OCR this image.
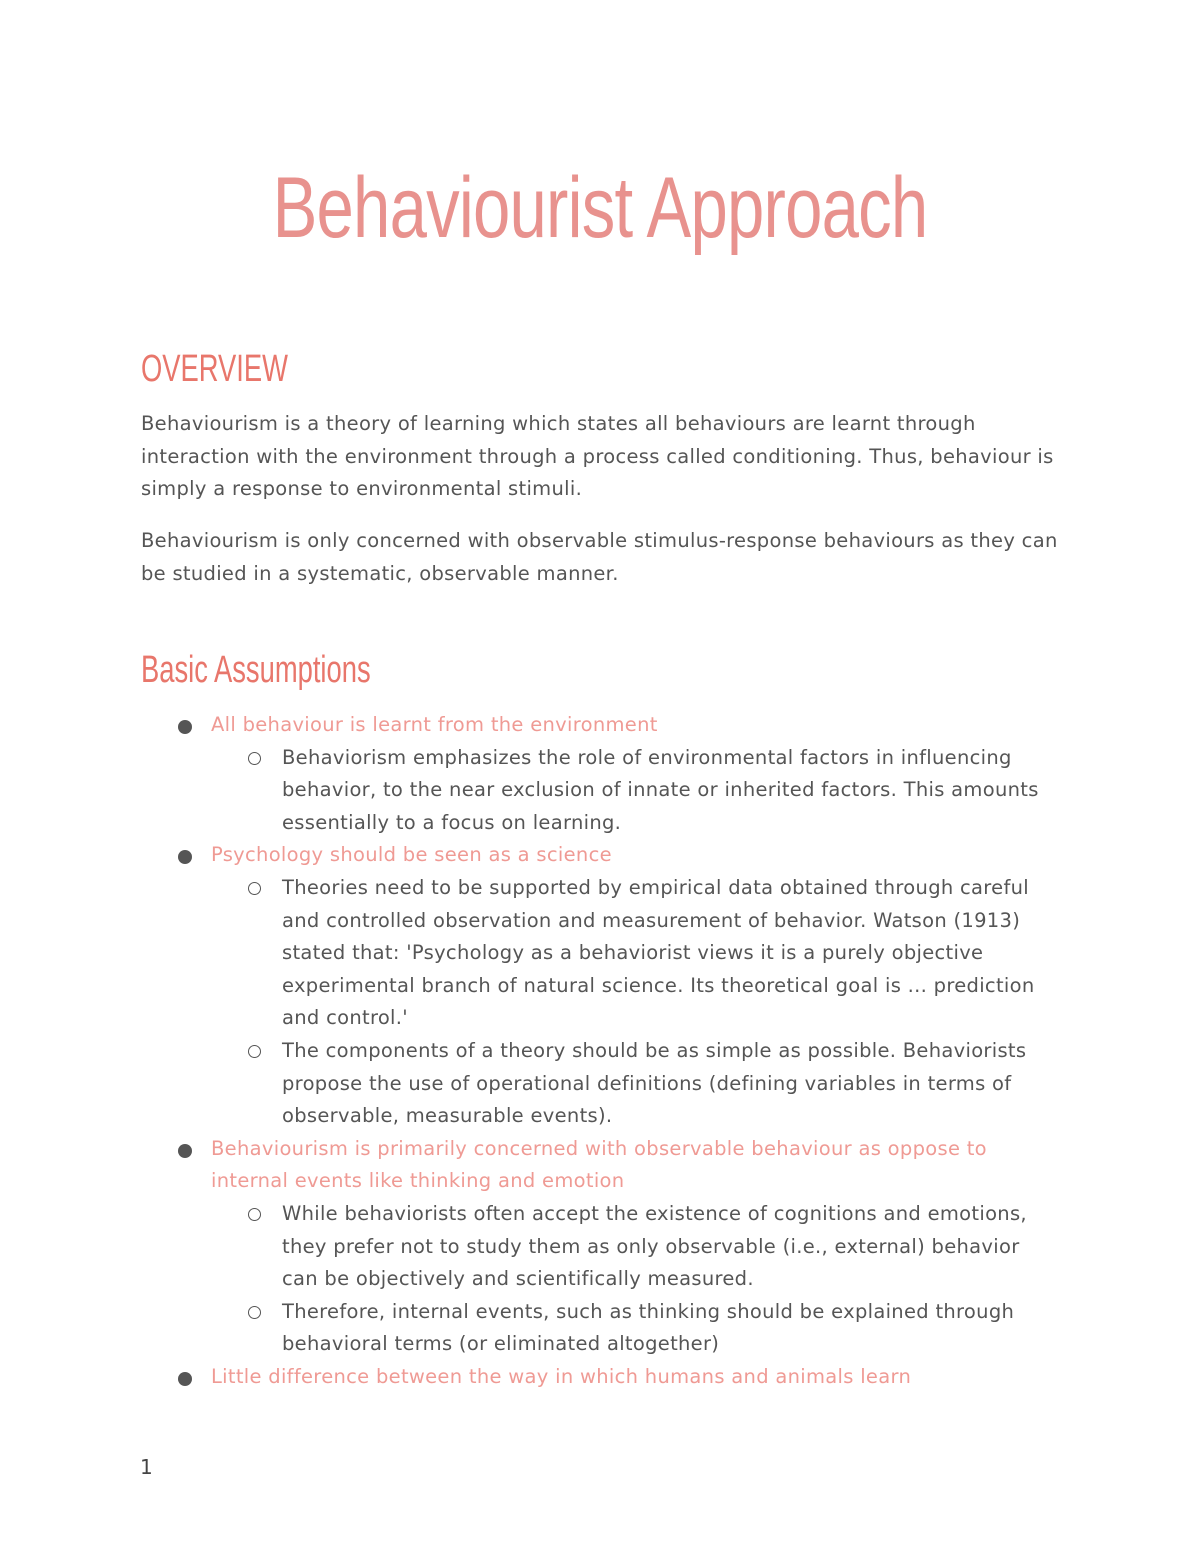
Behaviourist Approach
OVERVIEW

Behaviourism is a theory of learning which states all behaviours are learnt through interaction with the environment through a process called conditioning. Thus, behaviour is simply a response to environmental stimuli.

Behaviourism is only concerned with observable stimulus-response behaviours as they can be studied in a systematic, observable manner.

Basic Assumptions
All behaviour is learnt from the environment
Behaviorism emphasizes the role of environmental factors in influencing behavior, to the near exclusion of innate or inherited factors. This amounts essentially to a focus on learning.
Psychology should be seen as a science
Theories need to be supported by empirical data obtained through careful and controlled observation and measurement of behavior. Watson (1913) stated that: 'Psychology as a behaviorist views it is a purely objective experimental branch of natural science. Its theoretical goal is ... prediction and control.'
The components of a theory should be as simple as possible. Behaviorists propose the use of operational definitions (defining variables in terms of observable, measurable events).
Behaviourism is primarily concerned with observable behaviour as oppose to internal events like thinking and emotion
While behaviorists often accept the existence of cognitions and emotions, they prefer not to study them as only observable (i.e., external) behavior can be objectively and scientifically measured.
Therefore, internal events, such as thinking should be explained through behavioral terms (or eliminated altogether)
Little difference between the way in which humans and animals learn
1
